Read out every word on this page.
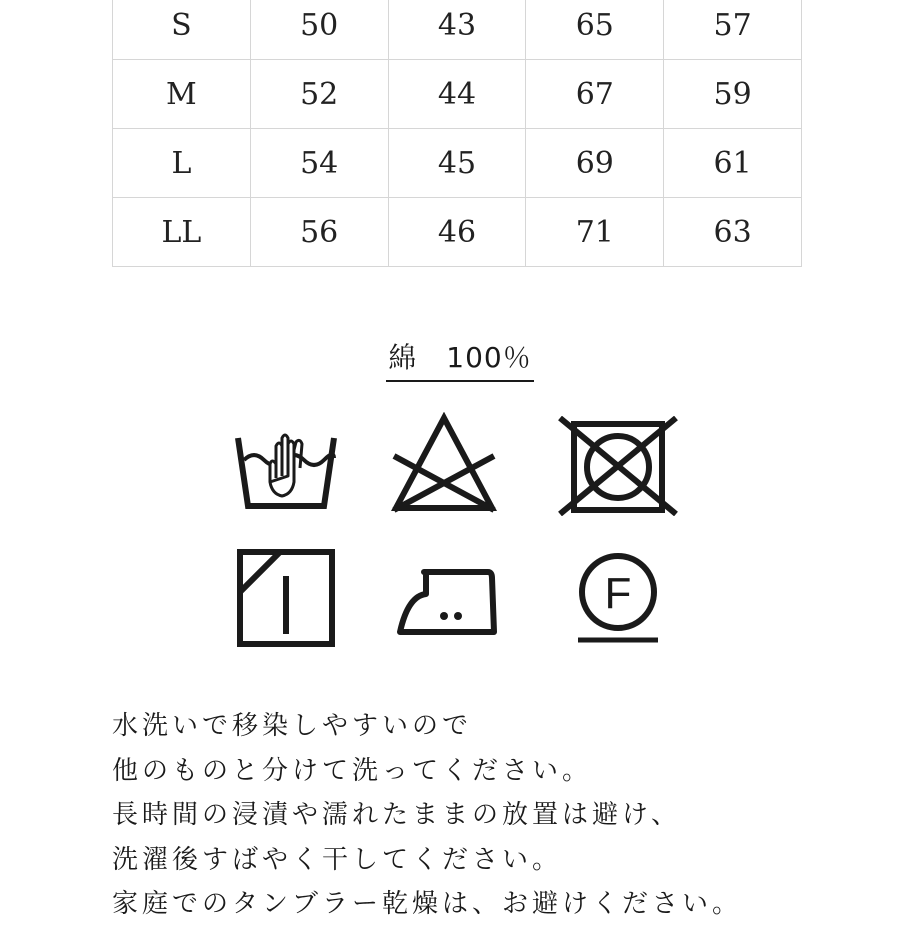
S	50	43	65	57
M	52	44	67	59
L	54	45	69	61
LL	56	46	71	63
綿　100％
F
水洗いで移染しやすいので
他のものと分けて洗ってください。
長時間の浸漬や濡れたままの放置は避け、
洗濯後すばやく干してください。
家庭でのタンブラー乾燥は、お避けください。
